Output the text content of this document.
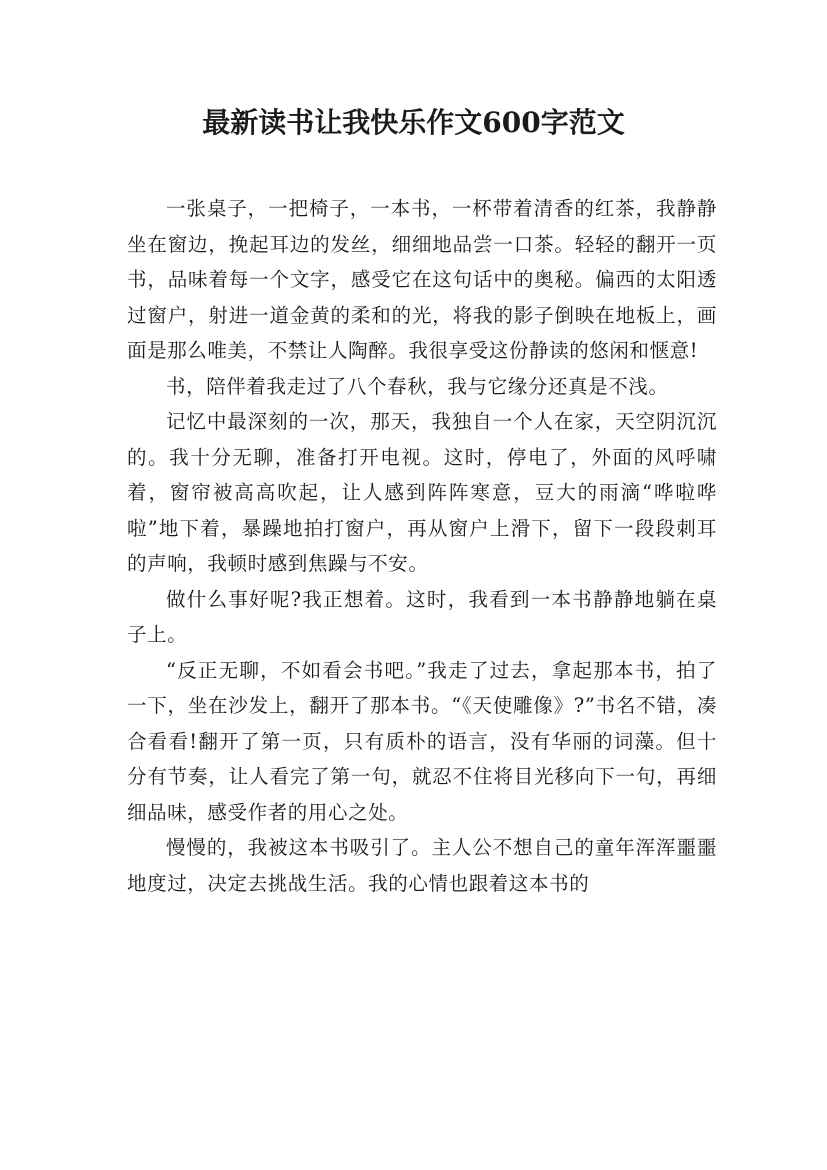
最新读书让我快乐作文600字范文

一张桌子，一把椅子，一本书，一杯带着清香的红茶，我静静坐在窗边，挽起耳边的发丝，细细地品尝一口茶。轻轻的翻开一页书，品味着每一个文字，感受它在这句话中的奥秘。偏西的太阳透过窗户，射进一道金黄的柔和的光，将我的影子倒映在地板上，画面是那么唯美，不禁让人陶醉。我很享受这份静读的悠闲和惬意!

书，陪伴着我走过了八个春秋，我与它缘分还真是不浅。

记忆中最深刻的一次，那天，我独自一个人在家，天空阴沉沉的。我十分无聊，准备打开电视。这时，停电了，外面的风呼啸着，窗帘被高高吹起，让人感到阵阵寒意，豆大的雨滴“哗啦哗啦”地下着，暴躁地拍打窗户，再从窗户上滑下，留下一段段刺耳的声响，我顿时感到焦躁与不安。

做什么事好呢?我正想着。这时，我看到一本书静静地躺在桌子上。

“反正无聊，不如看会书吧。”我走了过去，拿起那本书，拍了一下，坐在沙发上，翻开了那本书。“《天使雕像》?”书名不错，凑合看看!翻开了第一页，只有质朴的语言，没有华丽的词藻。但十分有节奏，让人看完了第一句，就忍不住将目光移向下一句，再细细品味，感受作者的用心之处。

慢慢的，我被这本书吸引了。主人公不想自己的童年浑浑噩噩地度过，决定去挑战生活。我的心情也跟着这本书的
